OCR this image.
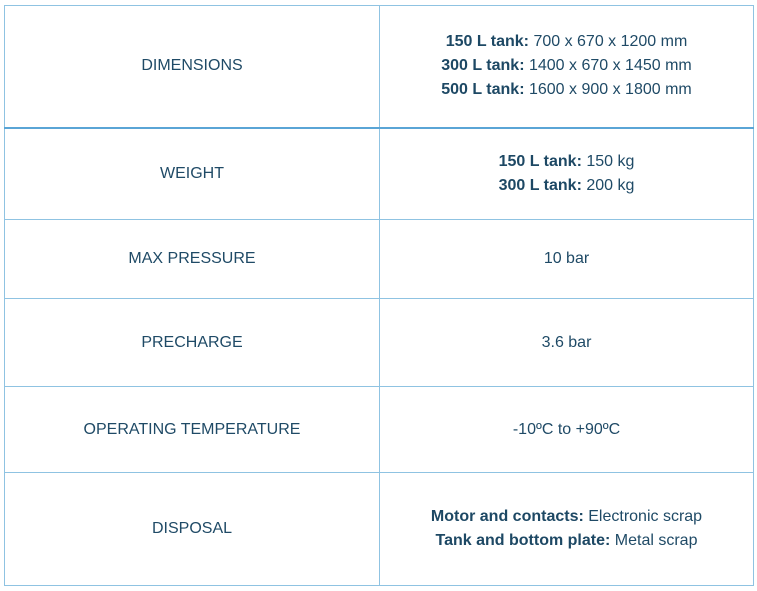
DIMENSIONS	150 L tank: 700 x 670 x 1200 mm
300 L tank: 1400 x 670 x 1450 mm
500 L tank: 1600 x 900 x 1800 mm

WEIGHT	150 L tank: 150 kg
300 L tank: 200 kg

MAX PRESSURE	10 bar

PRECHARGE	3.6 bar

OPERATING TEMPERATURE	-10ºC to +90ºC

DISPOSAL	Motor and contacts: Electronic scrap
Tank and bottom plate: Metal scrap
